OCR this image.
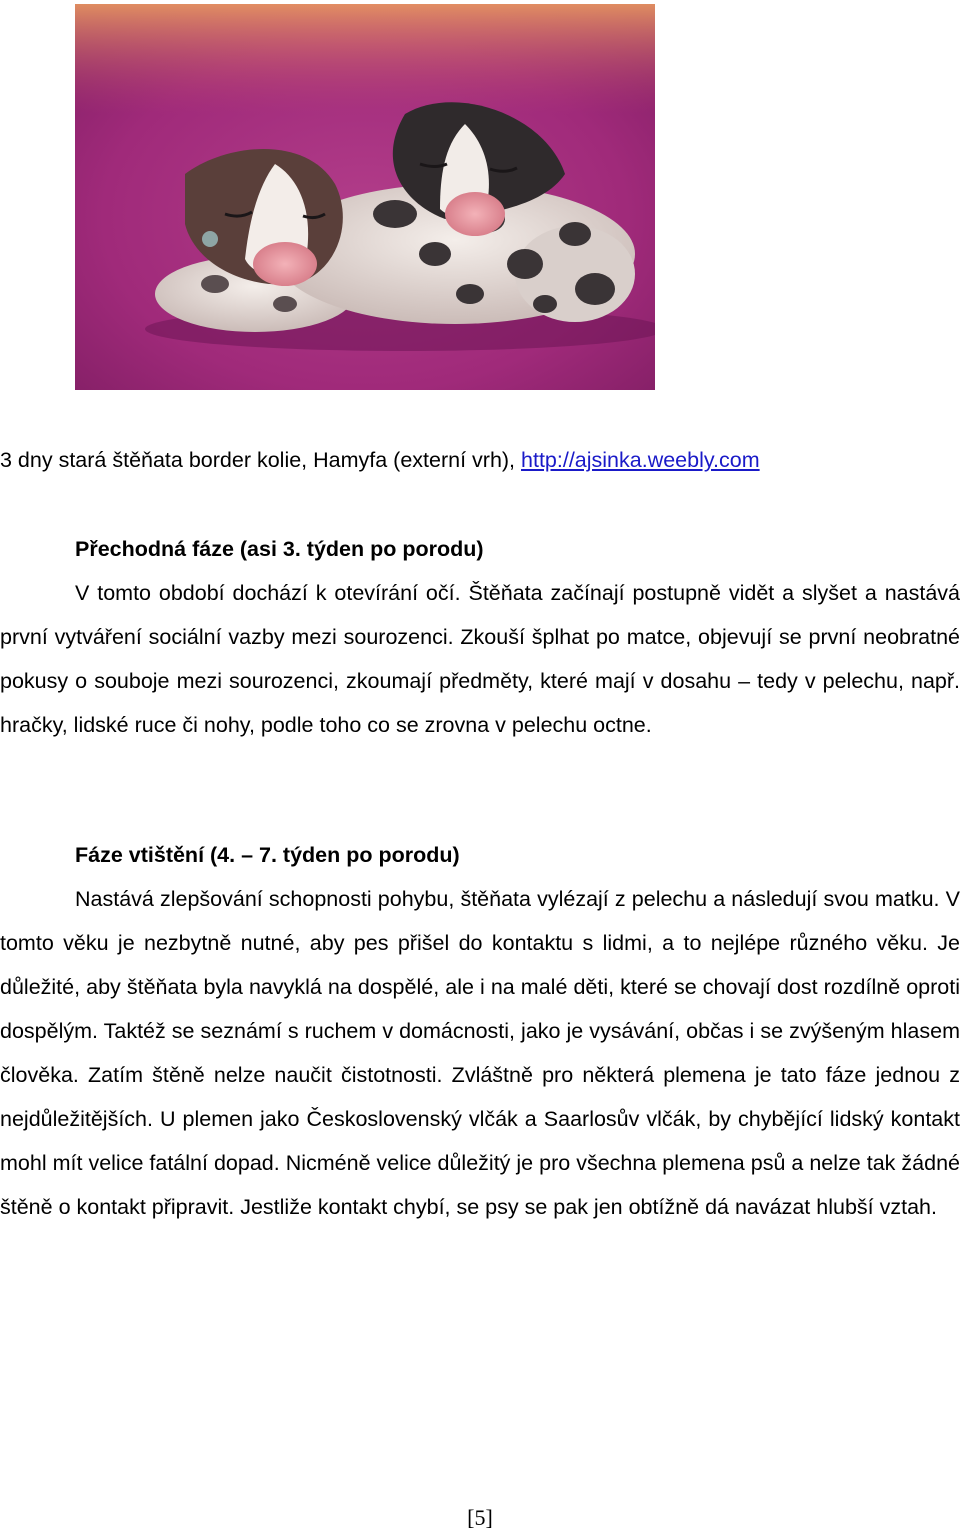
3 dny stará štěňata border kolie, Hamyfa (externí vrh), http://ajsinka.weebly.com

Přechodná fáze (asi 3. týden po porodu)

V tomto období dochází k otevírání očí. Štěňata začínají postupně vidět a slyšet a nastává první vytváření sociální vazby mezi sourozenci. Zkouší šplhat po matce, objevují se první neobratné pokusy o souboje mezi sourozenci, zkoumají předměty, které mají v dosahu – tedy v pelechu, např. hračky, lidské ruce či nohy, podle toho co se zrovna v pelechu octne.

Fáze vtištění (4. – 7. týden po porodu)

Nastává zlepšování schopnosti pohybu, štěňata vylézají z pelechu a následují svou matku. V tomto věku je nezbytně nutné, aby pes přišel do kontaktu s lidmi, a to nejlépe různého věku. Je důležité, aby štěňata byla navyklá na dospělé, ale i na malé děti, které se chovají dost rozdílně oproti dospělým. Taktéž se seznámí s ruchem v domácnosti, jako je vysávání, občas i se zvýšeným hlasem člověka. Zatím štěně nelze naučit čistotnosti. Zvláštně pro některá plemena je tato fáze jednou z nejdůležitějších. U plemen jako Československý vlčák a Saarlosův vlčák, by chybějící lidský kontakt mohl mít velice fatální dopad. Nicméně velice důležitý je pro všechna plemena psů a nelze tak žádné štěně o kontakt připravit. Jestliže kontakt chybí, se psy se pak jen obtížně dá navázat hlubší vztah.

[5]
